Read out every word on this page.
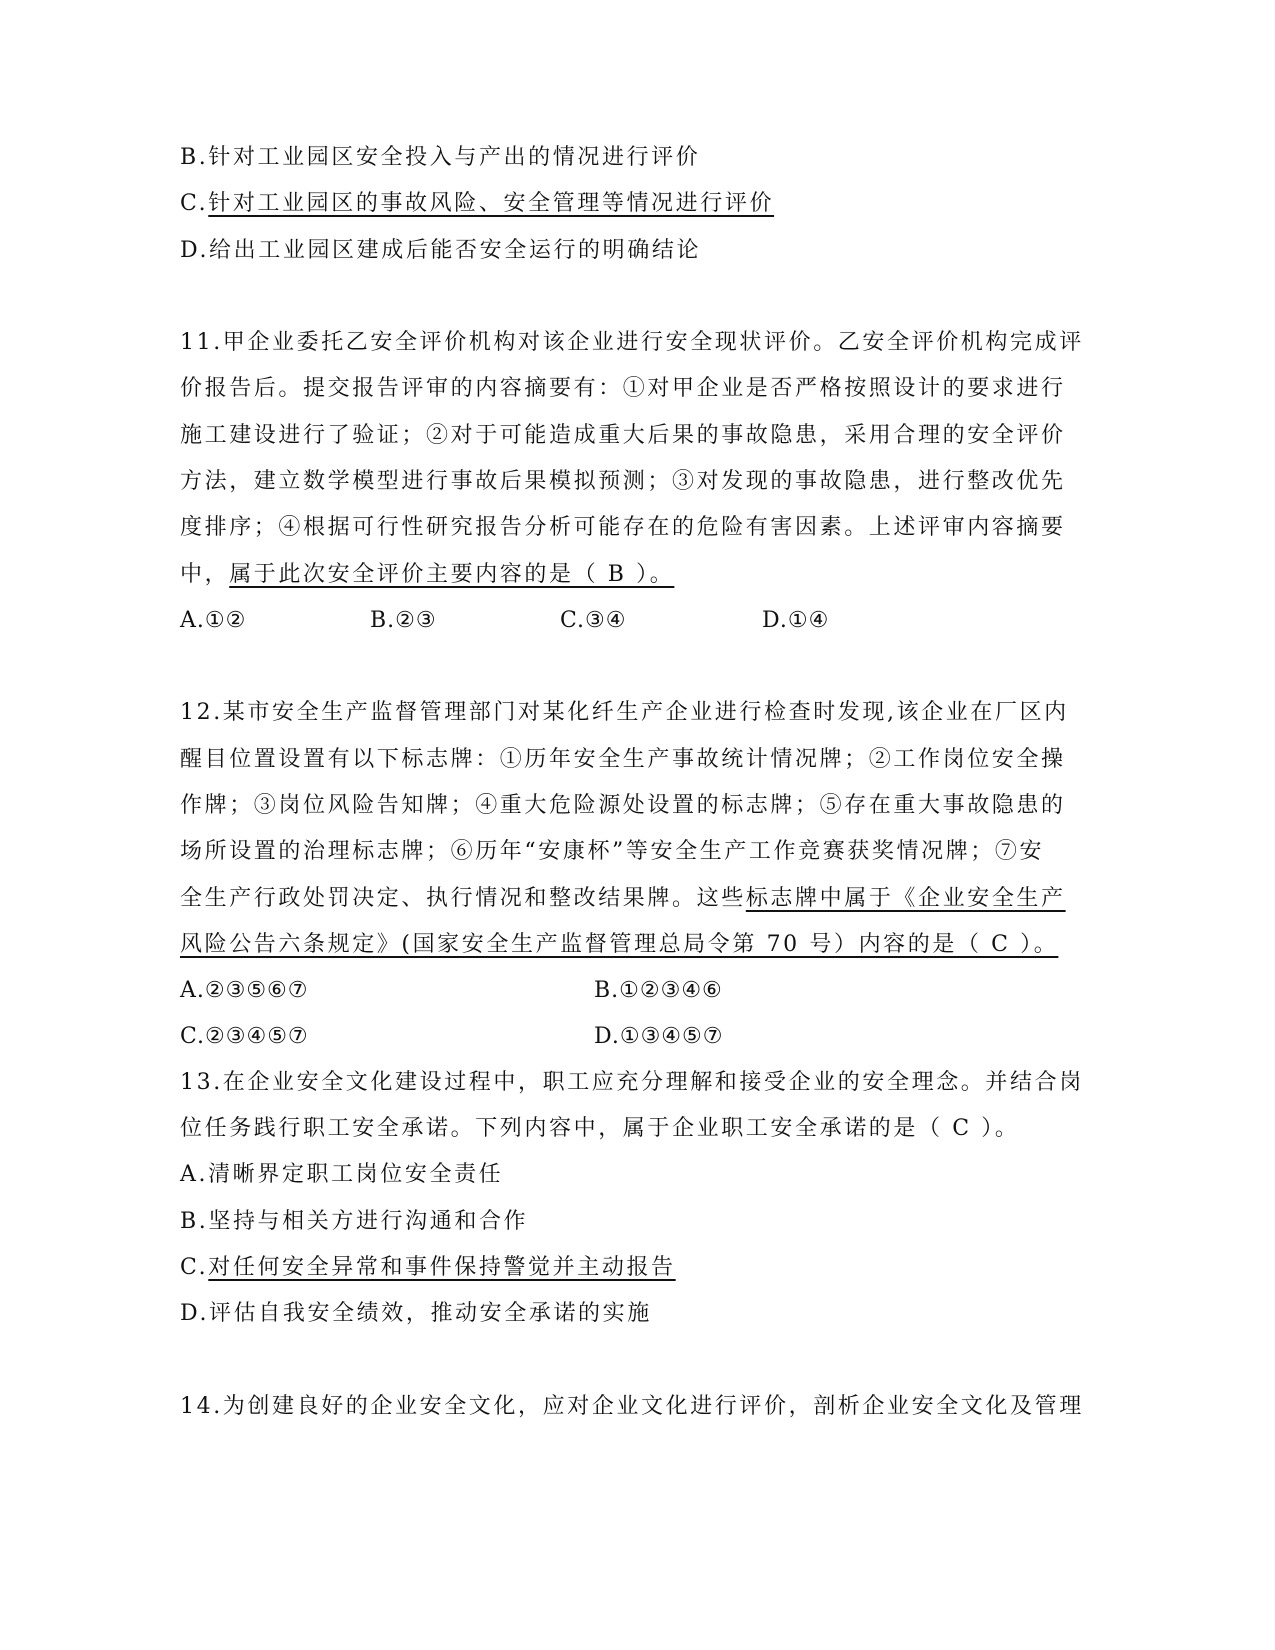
B.针对工业园区安全投入与产出的情况进行评价
C.针对工业园区的事故风险、安全管理等情况进行评价
D.给出工业园区建成后能否安全运行的明确结论
11.甲企业委托乙安全评价机构对该企业进行安全现状评价。乙安全评价机构完成评
价报告后。提交报告评审的内容摘要有：①对甲企业是否严格按照设计的要求进行
施工建设进行了验证；②对于可能造成重大后果的事故隐患，采用合理的安全评价
方法，建立数学模型进行事故后果模拟预测；③对发现的事故隐患，进行整改优先
度排序；④根据可行性研究报告分析可能存在的危险有害因素。上述评审内容摘要
中，属于此次安全评价主要内容的是（ B ）。
A.①②	B.②③	C.③④	D.①④
12.某市安全生产监督管理部门对某化纤生产企业进行检查时发现,该企业在厂区内
醒目位置设置有以下标志牌：①历年安全生产事故统计情况牌；②工作岗位安全操
作牌；③岗位风险告知牌；④重大危险源处设置的标志牌；⑤存在重大事故隐患的
场所设置的治理标志牌；⑥历年“安康杯”等安全生产工作竞赛获奖情况牌；⑦安
全生产行政处罚决定、执行情况和整改结果牌。这些标志牌中属于《企业安全生产
风险公告六条规定》(国家安全生产监督管理总局令第 70 号）内容的是（ C ）。
A.②③⑤⑥⑦	B.①②③④⑥
C.②③④⑤⑦	D.①③④⑤⑦
13.在企业安全文化建设过程中，职工应充分理解和接受企业的安全理念。并结合岗
位任务践行职工安全承诺。下列内容中，属于企业职工安全承诺的是（ C ）。
A.清晰界定职工岗位安全责任
B.坚持与相关方进行沟通和合作
C.对任何安全异常和事件保持警觉并主动报告
D.评估自我安全绩效，推动安全承诺的实施
14.为创建良好的企业安全文化，应对企业文化进行评价，剖析企业安全文化及管理
